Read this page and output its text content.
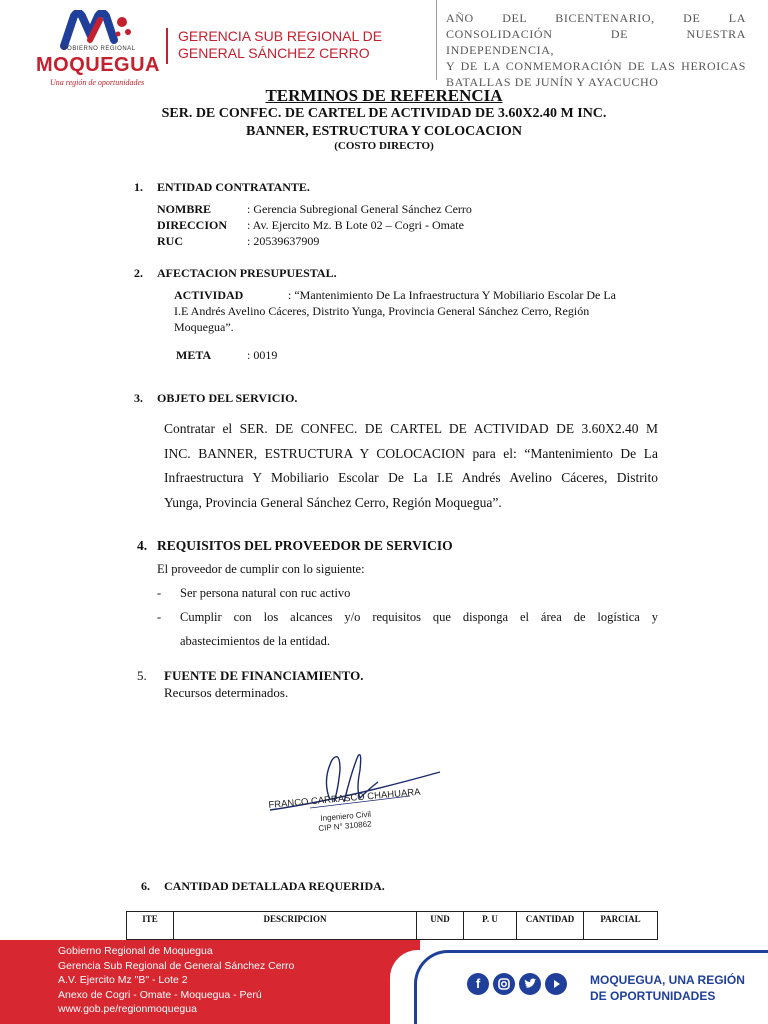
GOBIERNO REGIONAL
MOQUEGUA
Una región de oportunidades
GERENCIA SUB REGIONAL DE
GENERAL SÁNCHEZ CERRO
AÑO DEL BICENTENARIO, DE LA
CONSOLIDACIÓN DE NUESTRA INDEPENDENCIA,
Y DE LA CONMEMORACIÓN DE LAS HEROICAS
BATALLAS DE JUNÍN Y AYACUCHO
TERMINOS DE REFERENCIA
SER. DE CONFEC. DE CARTEL DE ACTIVIDAD DE 3.60X2.40 M INC.
BANNER, ESTRUCTURA Y COLOCACION
(COSTO DIRECTO)
1. ENTIDAD CONTRATANTE.
NOMBRE	: Gerencia Subregional General Sánchez Cerro
DIRECCION : Av. Ejercito Mz. B Lote 02 – Cogri - Omate
RUC	: 20539637909
2. AFECTACION PRESUPUESTAL.
ACTIVIDAD	: “Mantenimiento De La Infraestructura Y Mobiliario Escolar De La
I.E Andrés Avelino Cáceres, Distrito Yunga, Provincia General Sánchez Cerro, Región
Moquegua”.
META	: 0019
3. OBJETO DEL SERVICIO.
Contratar el SER. DE CONFEC. DE CARTEL DE ACTIVIDAD DE 3.60X2.40 M
INC. BANNER, ESTRUCTURA Y COLOCACION para el: “Mantenimiento De La
Infraestructura Y Mobiliario Escolar De La I.E Andrés Avelino Cáceres, Distrito
Yunga, Provincia General Sánchez Cerro, Región Moquegua”.
4. REQUISITOS DEL PROVEEDOR DE SERVICIO
El proveedor de cumplir con lo siguiente:
- Ser persona natural con ruc activo
- Cumplir con los alcances y/o requisitos que disponga el área de logística y
abastecimientos de la entidad.
5. FUENTE DE FINANCIAMIENTO.
Recursos determinados.
FRANCO CARRASCO CHAHUARA
Ingeniero Civil
CIP N° 310862
6. CANTIDAD DETALLADA REQUERIDA.
ITE	DESCRIPCION	UND	P. U	CANTIDAD	PARCIAL
Gobierno Regional de Moquegua
Gerencia Sub Regional de General Sánchez Cerro
A.V. Ejercito Mz "B" - Lote 2
Anexo de Cogri - Omate - Moquegua - Perú
www.gob.pe/regionmoquegua
f	MOQUEGUA, UNA REGIÓN
DE OPORTUNIDADES
